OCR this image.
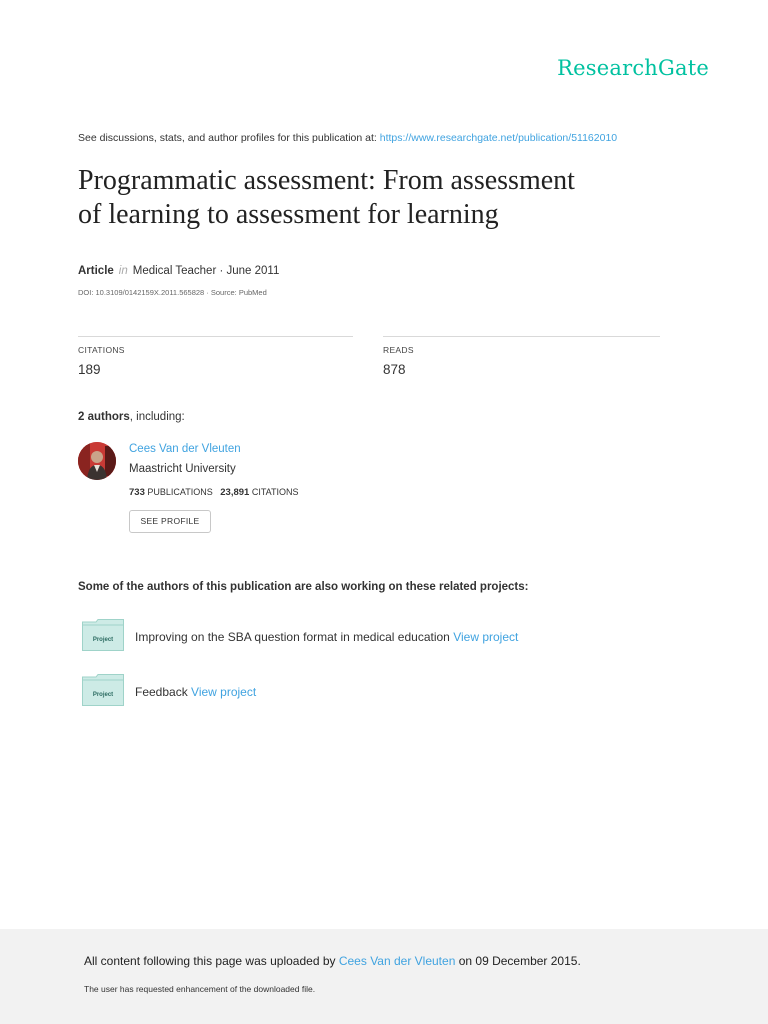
ResearchGate
See discussions, stats, and author profiles for this publication at: https://www.researchgate.net/publication/51162010
Programmatic assessment: From assessment
of learning to assessment for learning
Article in Medical Teacher · June 2011
DOI: 10.3109/0142159X.2011.565828 · Source: PubMed
CITATIONS
189
READS
878
2 authors, including:
Cees Van der Vleuten
Maastricht University
733 PUBLICATIONS 23,891 CITATIONS
SEE PROFILE
Some of the authors of this publication are also working on these related projects:
Project Improving on the SBA question format in medical education View project
Project Feedback View project
All content following this page was uploaded by Cees Van der Vleuten on 09 December 2015.
The user has requested enhancement of the downloaded file.
